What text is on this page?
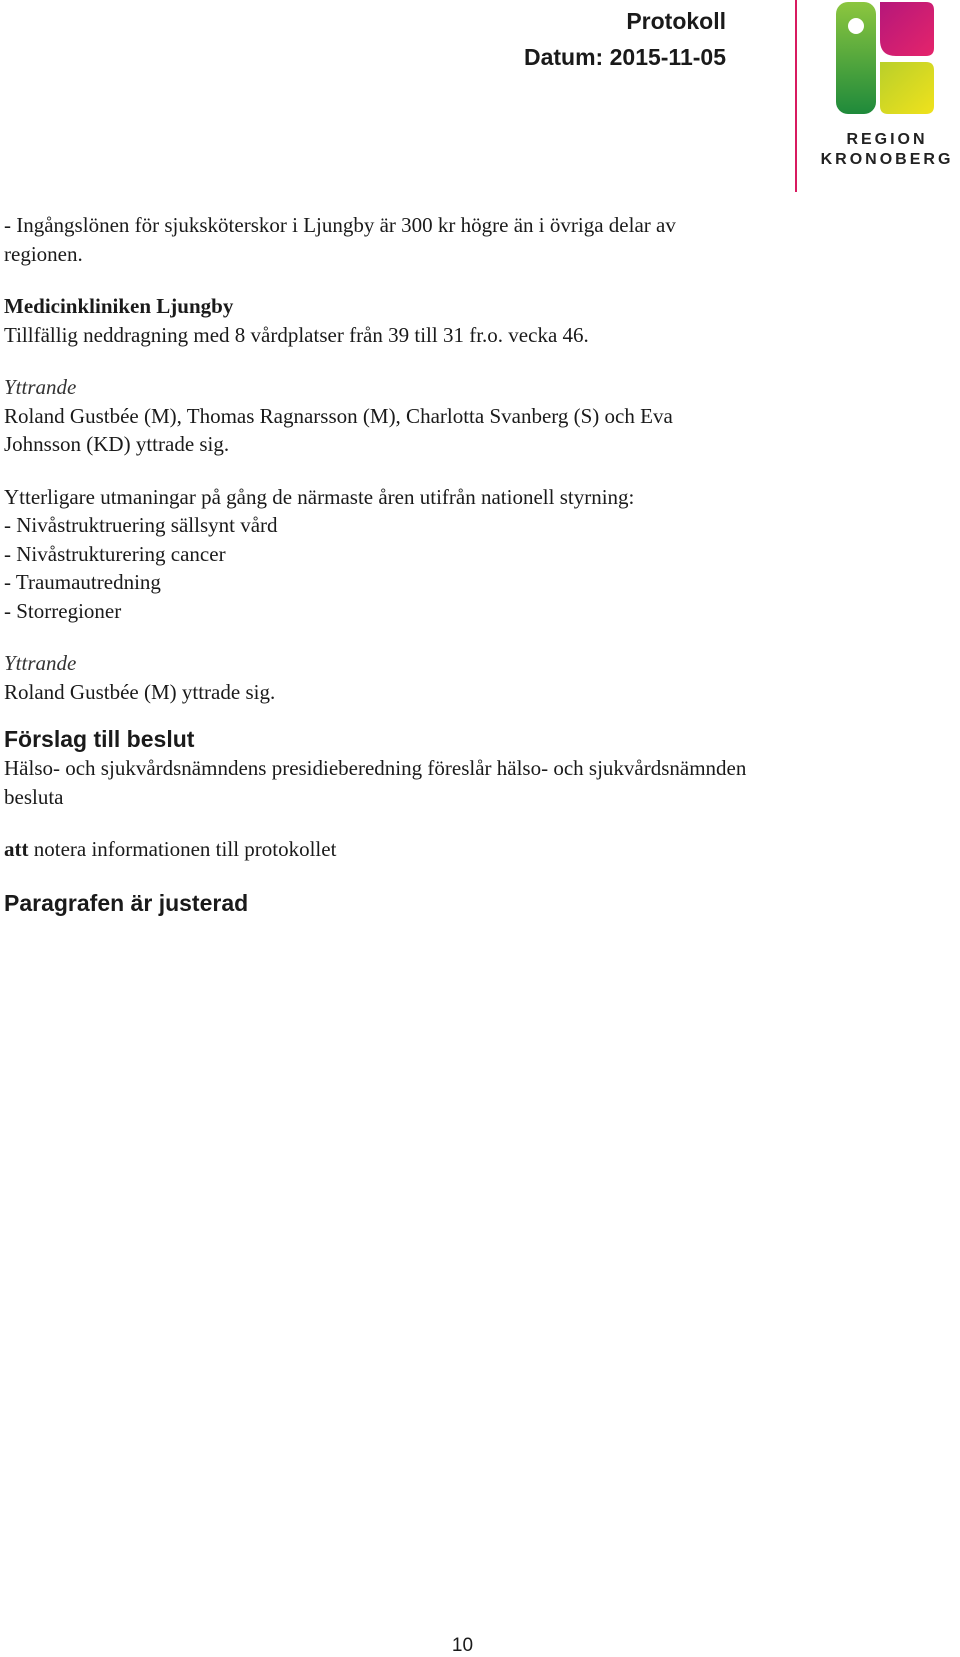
Protokoll
Datum: 2015-11-05
REGION
KRONOBERG

- Ingångslönen för sjuksköterskor i Ljungby är 300 kr högre än i övriga delar av

regionen.

Medicinkliniken Ljungby

Tillfällig neddragning med 8 vårdplatser från 39 till 31 fr.o. vecka 46.

Yttrande

Roland Gustbée (M), Thomas Ragnarsson (M), Charlotta Svanberg (S) och Eva

Johnsson (KD) yttrade sig.

Ytterligare utmaningar på gång de närmaste åren utifrån nationell styrning:

- Nivåstruktruering sällsynt vård

- Nivåstrukturering cancer

- Traumautredning

- Storregioner

Yttrande

Roland Gustbée (M) yttrade sig.

Förslag till beslut

Hälso- och sjukvårdsnämndens presidieberedning föreslår hälso- och sjukvårdsnämnden

besluta

att notera informationen till protokollet

Paragrafen är justerad
10
